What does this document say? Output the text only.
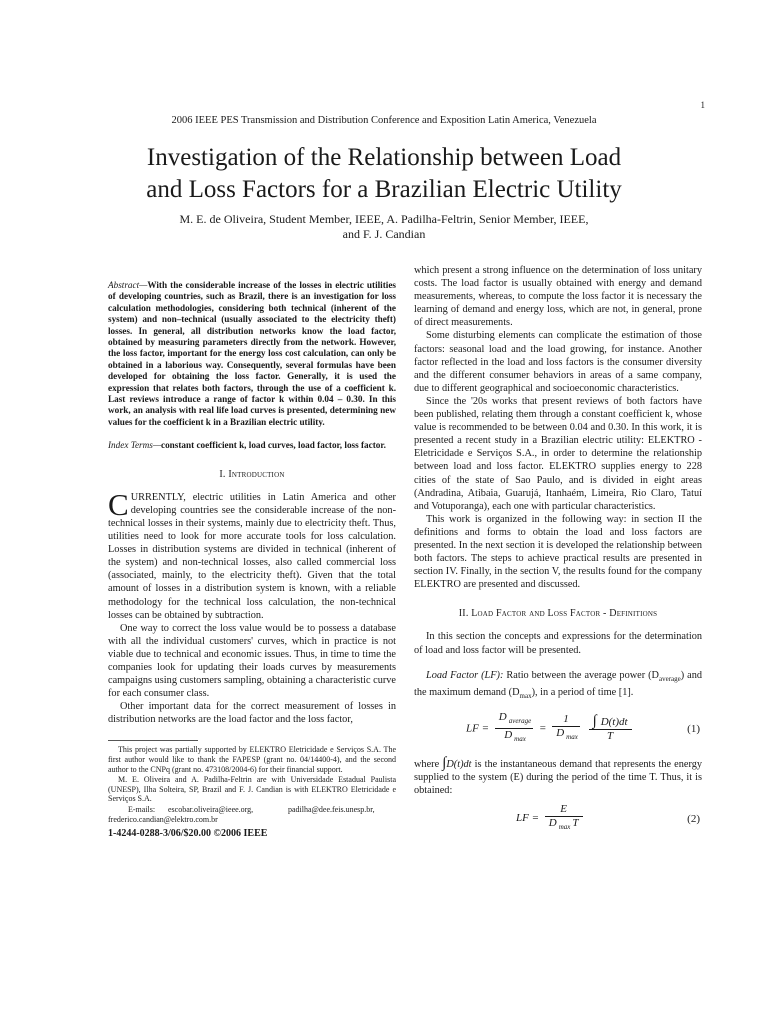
1
2006 IEEE PES Transmission and Distribution Conference and Exposition Latin America, Venezuela
Investigation of the Relationship between Load
and Loss Factors for a Brazilian Electric Utility

M. E. de Oliveira, Student Member, IEEE, A. Padilha-Feltrin, Senior Member, IEEE,
and F. J. Candian

Abstract—With the considerable increase of the losses in electric utilities of developing countries, such as Brazil, there is an investigation for loss calculation methodologies, considering both technical (inherent of the system) and non–technical (usually associated to the electricity theft) losses. In general, all distribution networks know the load factor, obtained by measuring parameters directly from the network. However, the loss factor, important for the energy loss cost calculation, can only be obtained in a laborious way. Consequently, several formulas have been developed for obtaining the loss factor. Generally, it is used the expression that relates both factors, through the use of a coefficient k. Last reviews introduce a range of factor k within 0.04 – 0.30. In this work, an analysis with real life load curves is presented, determining new values for the coefficient k in a Brazilian electric utility.

Index Terms—constant coefficient k, load curves, load factor, loss factor.

I. Introduction

CURRENTLY, electric utilities in Latin America and other developing countries see the considerable increase of the non-technical losses in their systems, mainly due to electricity theft. Thus, utilities need to look for more accurate tools for loss calculation. Losses in distribution systems are divided in technical (inherent of the system) and non-technical losses, also called commercial loss (associated, mainly, to the electricity theft). Given that the total amount of losses in a distribution system is known, with a reliable methodology for the technical loss calculation, the non-technical losses can be obtained by subtraction.

One way to correct the loss value would be to possess a database with all the individual customers' curves, which in practice is not viable due to technical and economic issues. Thus, in time to time the companies look for updating their loads curves by measurements campaigns using customers sampling, obtaining a characteristic curve for each consumer class.

Other important data for the correct measurement of losses in distribution networks are the load factor and the loss factor,

This project was partially supported by ELEKTRO Eletricidade e Serviços S.A. The first author would like to thank the FAPESP (grant no. 04/14400-4), and the second author to the CNPq (grant no. 473108/2004-6) for their financial support.

M. E. Oliveira and A. Padilha-Feltrin are with Universidade Estadual Paulista (UNESP), Ilha Solteira, SP, Brazil and F. J. Candian is with ELEKTRO Eletricidade e Serviços S.A.

E-mails: escobar.oliveira@ieee.org,	padilha@dee.feis.unesp.br,

frederico.candian@elektro.com.br

1-4244-0288-3/06/$20.00 ©2006 IEEE

which present a strong influence on the determination of loss unitary costs. The load factor is usually obtained with energy and demand measurements, whereas, to compute the loss factor it is necessary the learning of demand and energy loss, which are not, in general, prone of direct measurements.

Some disturbing elements can complicate the estimation of those factors: seasonal load and the load growing, for instance. Another factor reflected in the load and loss factors is the consumer diversity and the different consumer behaviors in areas of a same company, due to different geographical and socioeconomic characteristics.

Since the '20s works that present reviews of both factors have been published, relating them through a constant coefficient k, whose value is recommended to be between 0.04 and 0.30. In this work, it is presented a recent study in a Brazilian electric utility: ELEKTRO - Eletricidade e Serviços S.A., in order to determine the relationship between load and loss factor. ELEKTRO supplies energy to 228 cities of the state of Sao Paulo, and is divided in eight areas (Andradina, Atibaia, Guarujá, Itanhaém, Limeira, Rio Claro, Tatuí and Votuporanga), each one with particular characteristics.

This work is organized in the following way: in section II the definitions and forms to obtain the load and loss factors are presented. In the next section it is developed the relationship between both factors. The steps to achieve practical results are presented in section IV. Finally, in the section V, the results found for the company ELEKTRO are presented and discussed.

II. Load Factor and Loss Factor - Definitions

In this section the concepts and expressions for the determination of load and loss factor will be presented.

Load Factor (LF): Ratio between the average power $(D_{average})$ and the maximum demand $(D_{max})$, in a period of time [1].

LF = $\frac{D _{average}}{D _{max}} = \frac{1}{D _{max}}$
$\frac{\int D(t)dt}{T}$	(1)

where ∫D(t)dt is the instantaneous demand that represents the energy supplied to the system (E) during the period of the time T. Thus, it is obtained:

LF = $\frac{E}{D _{max} T}$	(2)
